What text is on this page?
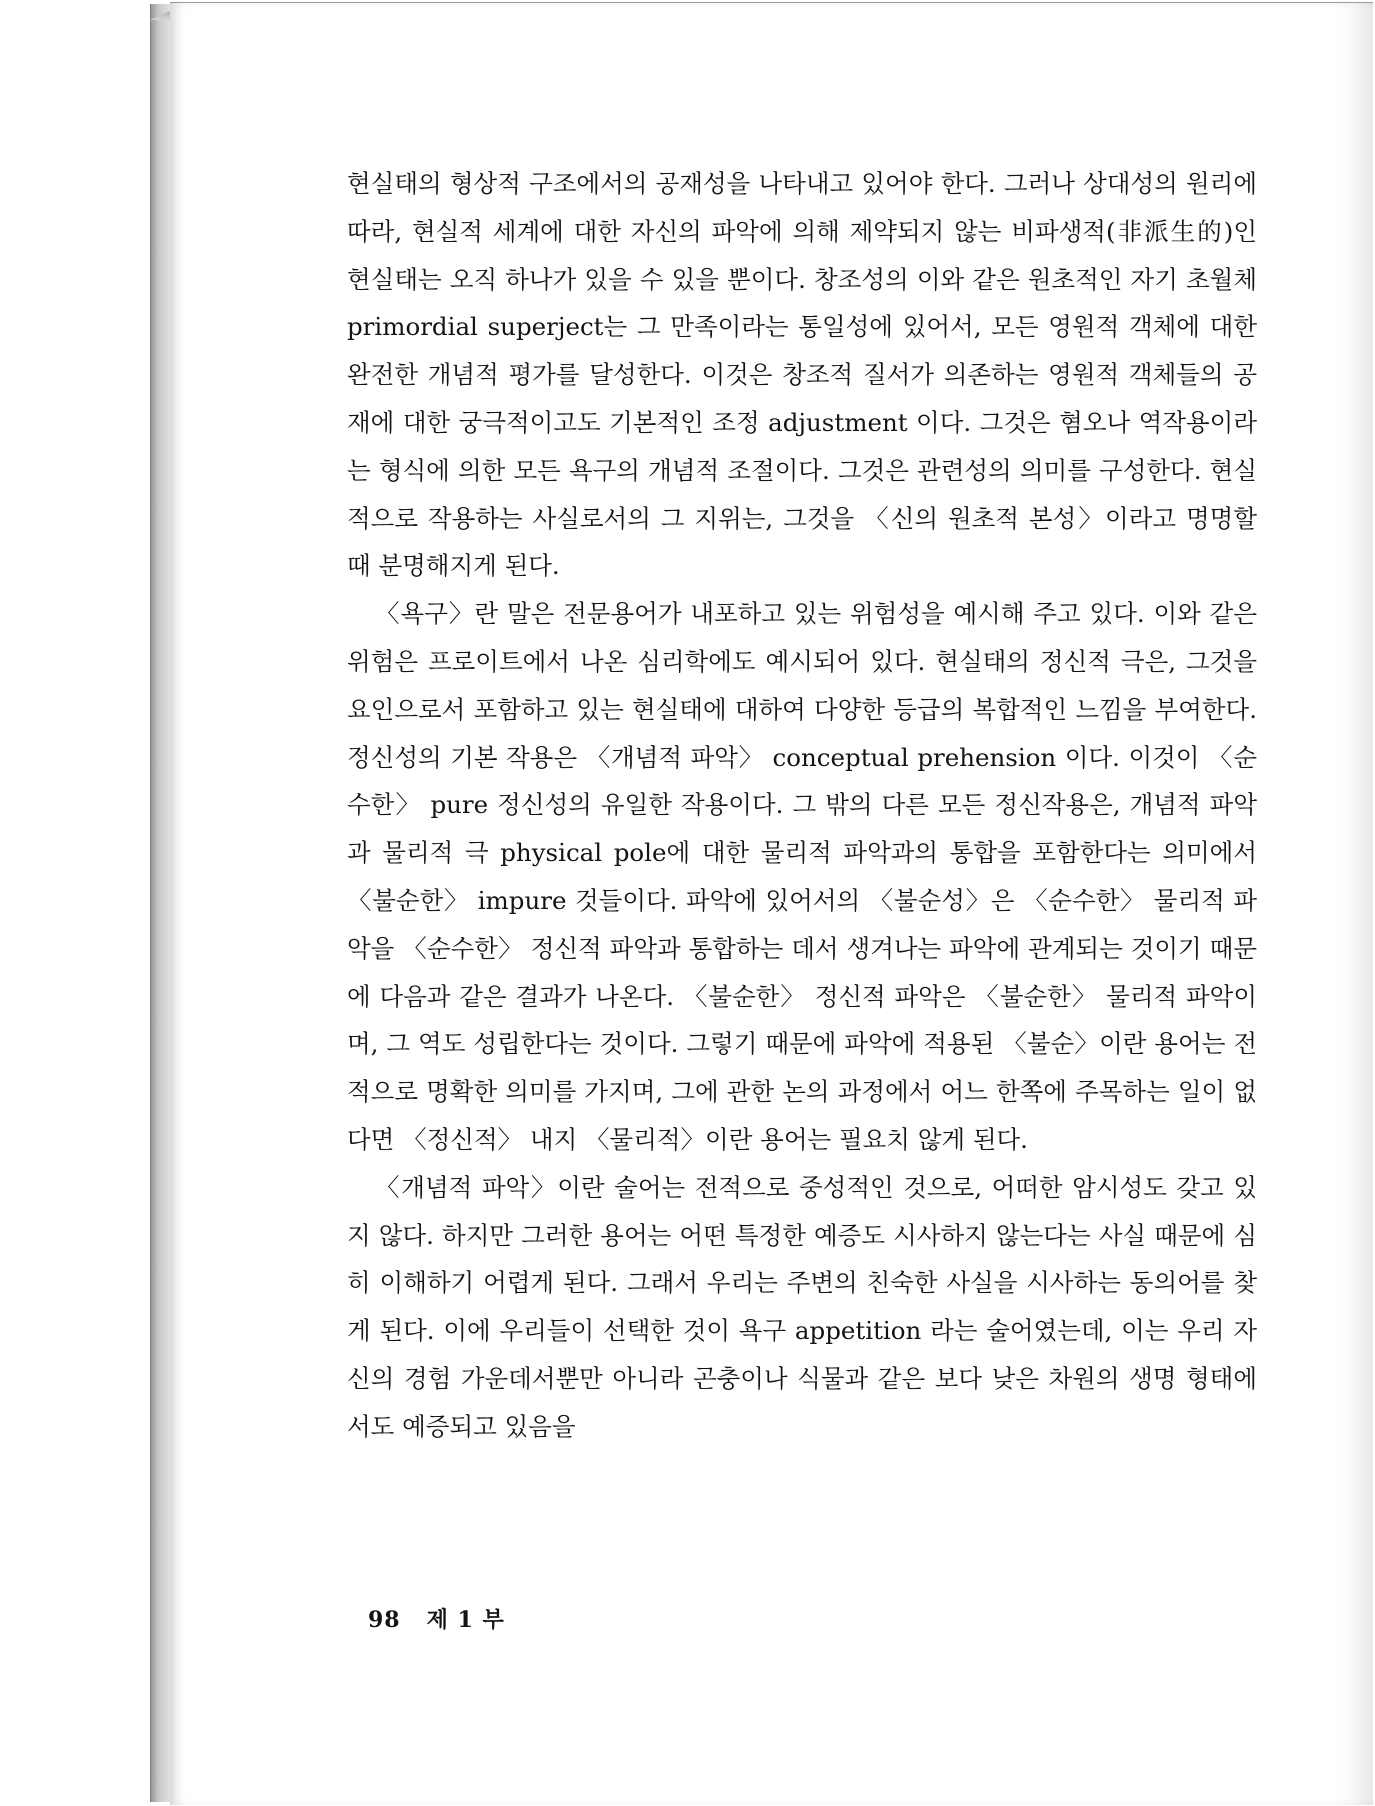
현실태의 형상적 구조에서의 공재성을 나타내고 있어야 한다. 그러나 상대성의 원리에 따라, 현실적 세계에 대한 자신의 파악에 의해 제약되지 않는 비파생적(非派生的)인 현실태는 오직 하나가 있을 수 있을 뿐이다. 창조성의 이와 같은 원초적인 자기 초월체 primordial superject는 그 만족이라는 통일성에 있어서, 모든 영원적 객체에 대한 완전한 개념적 평가를 달성한다. 이것은 창조적 질서가 의존하는 영원적 객체들의 공재에 대한 궁극적이고도 기본적인 조정 adjustment 이다. 그것은 혐오나 역작용이라는 형식에 의한 모든 욕구의 개념적 조절이다. 그것은 관련성의 의미를 구성한다. 현실적으로 작용하는 사실로서의 그 지위는, 그것을 〈신의 원초적 본성〉이라고 명명할 때 분명해지게 된다.

〈욕구〉란 말은 전문용어가 내포하고 있는 위험성을 예시해 주고 있다. 이와 같은 위험은 프로이트에서 나온 심리학에도 예시되어 있다. 현실태의 정신적 극은, 그것을 요인으로서 포함하고 있는 현실태에 대하여 다양한 등급의 복합적인 느낌을 부여한다. 정신성의 기본 작용은 〈개념적 파악〉 conceptual prehension 이다. 이것이 〈순수한〉 pure 정신성의 유일한 작용이다. 그 밖의 다른 모든 정신작용은, 개념적 파악과 물리적 극 physical pole에 대한 물리적 파악과의 통합을 포함한다는 의미에서 〈불순한〉 impure 것들이다. 파악에 있어서의 〈불순성〉은 〈순수한〉 물리적 파악을 〈순수한〉 정신적 파악과 통합하는 데서 생겨나는 파악에 관계되는 것이기 때문에 다음과 같은 결과가 나온다. 〈불순한〉 정신적 파악은 〈불순한〉 물리적 파악이며, 그 역도 성립한다는 것이다. 그렇기 때문에 파악에 적용된 〈불순〉이란 용어는 전적으로 명확한 의미를 가지며, 그에 관한 논의 과정에서 어느 한쪽에 주목하는 일이 없다면 〈정신적〉 내지 〈물리적〉이란 용어는 필요치 않게 된다.

〈개념적 파악〉이란 술어는 전적으로 중성적인 것으로, 어떠한 암시성도 갖고 있지 않다. 하지만 그러한 용어는 어떤 특정한 예증도 시사하지 않는다는 사실 때문에 심히 이해하기 어렵게 된다. 그래서 우리는 주변의 친숙한 사실을 시사하는 동의어를 찾게 된다. 이에 우리들이 선택한 것이 욕구 appetition 라는 술어였는데, 이는 우리 자신의 경험 가운데서뿐만 아니라 곤충이나 식물과 같은 보다 낮은 차원의 생명 형태에서도 예증되고 있음을

98 제 1 부
